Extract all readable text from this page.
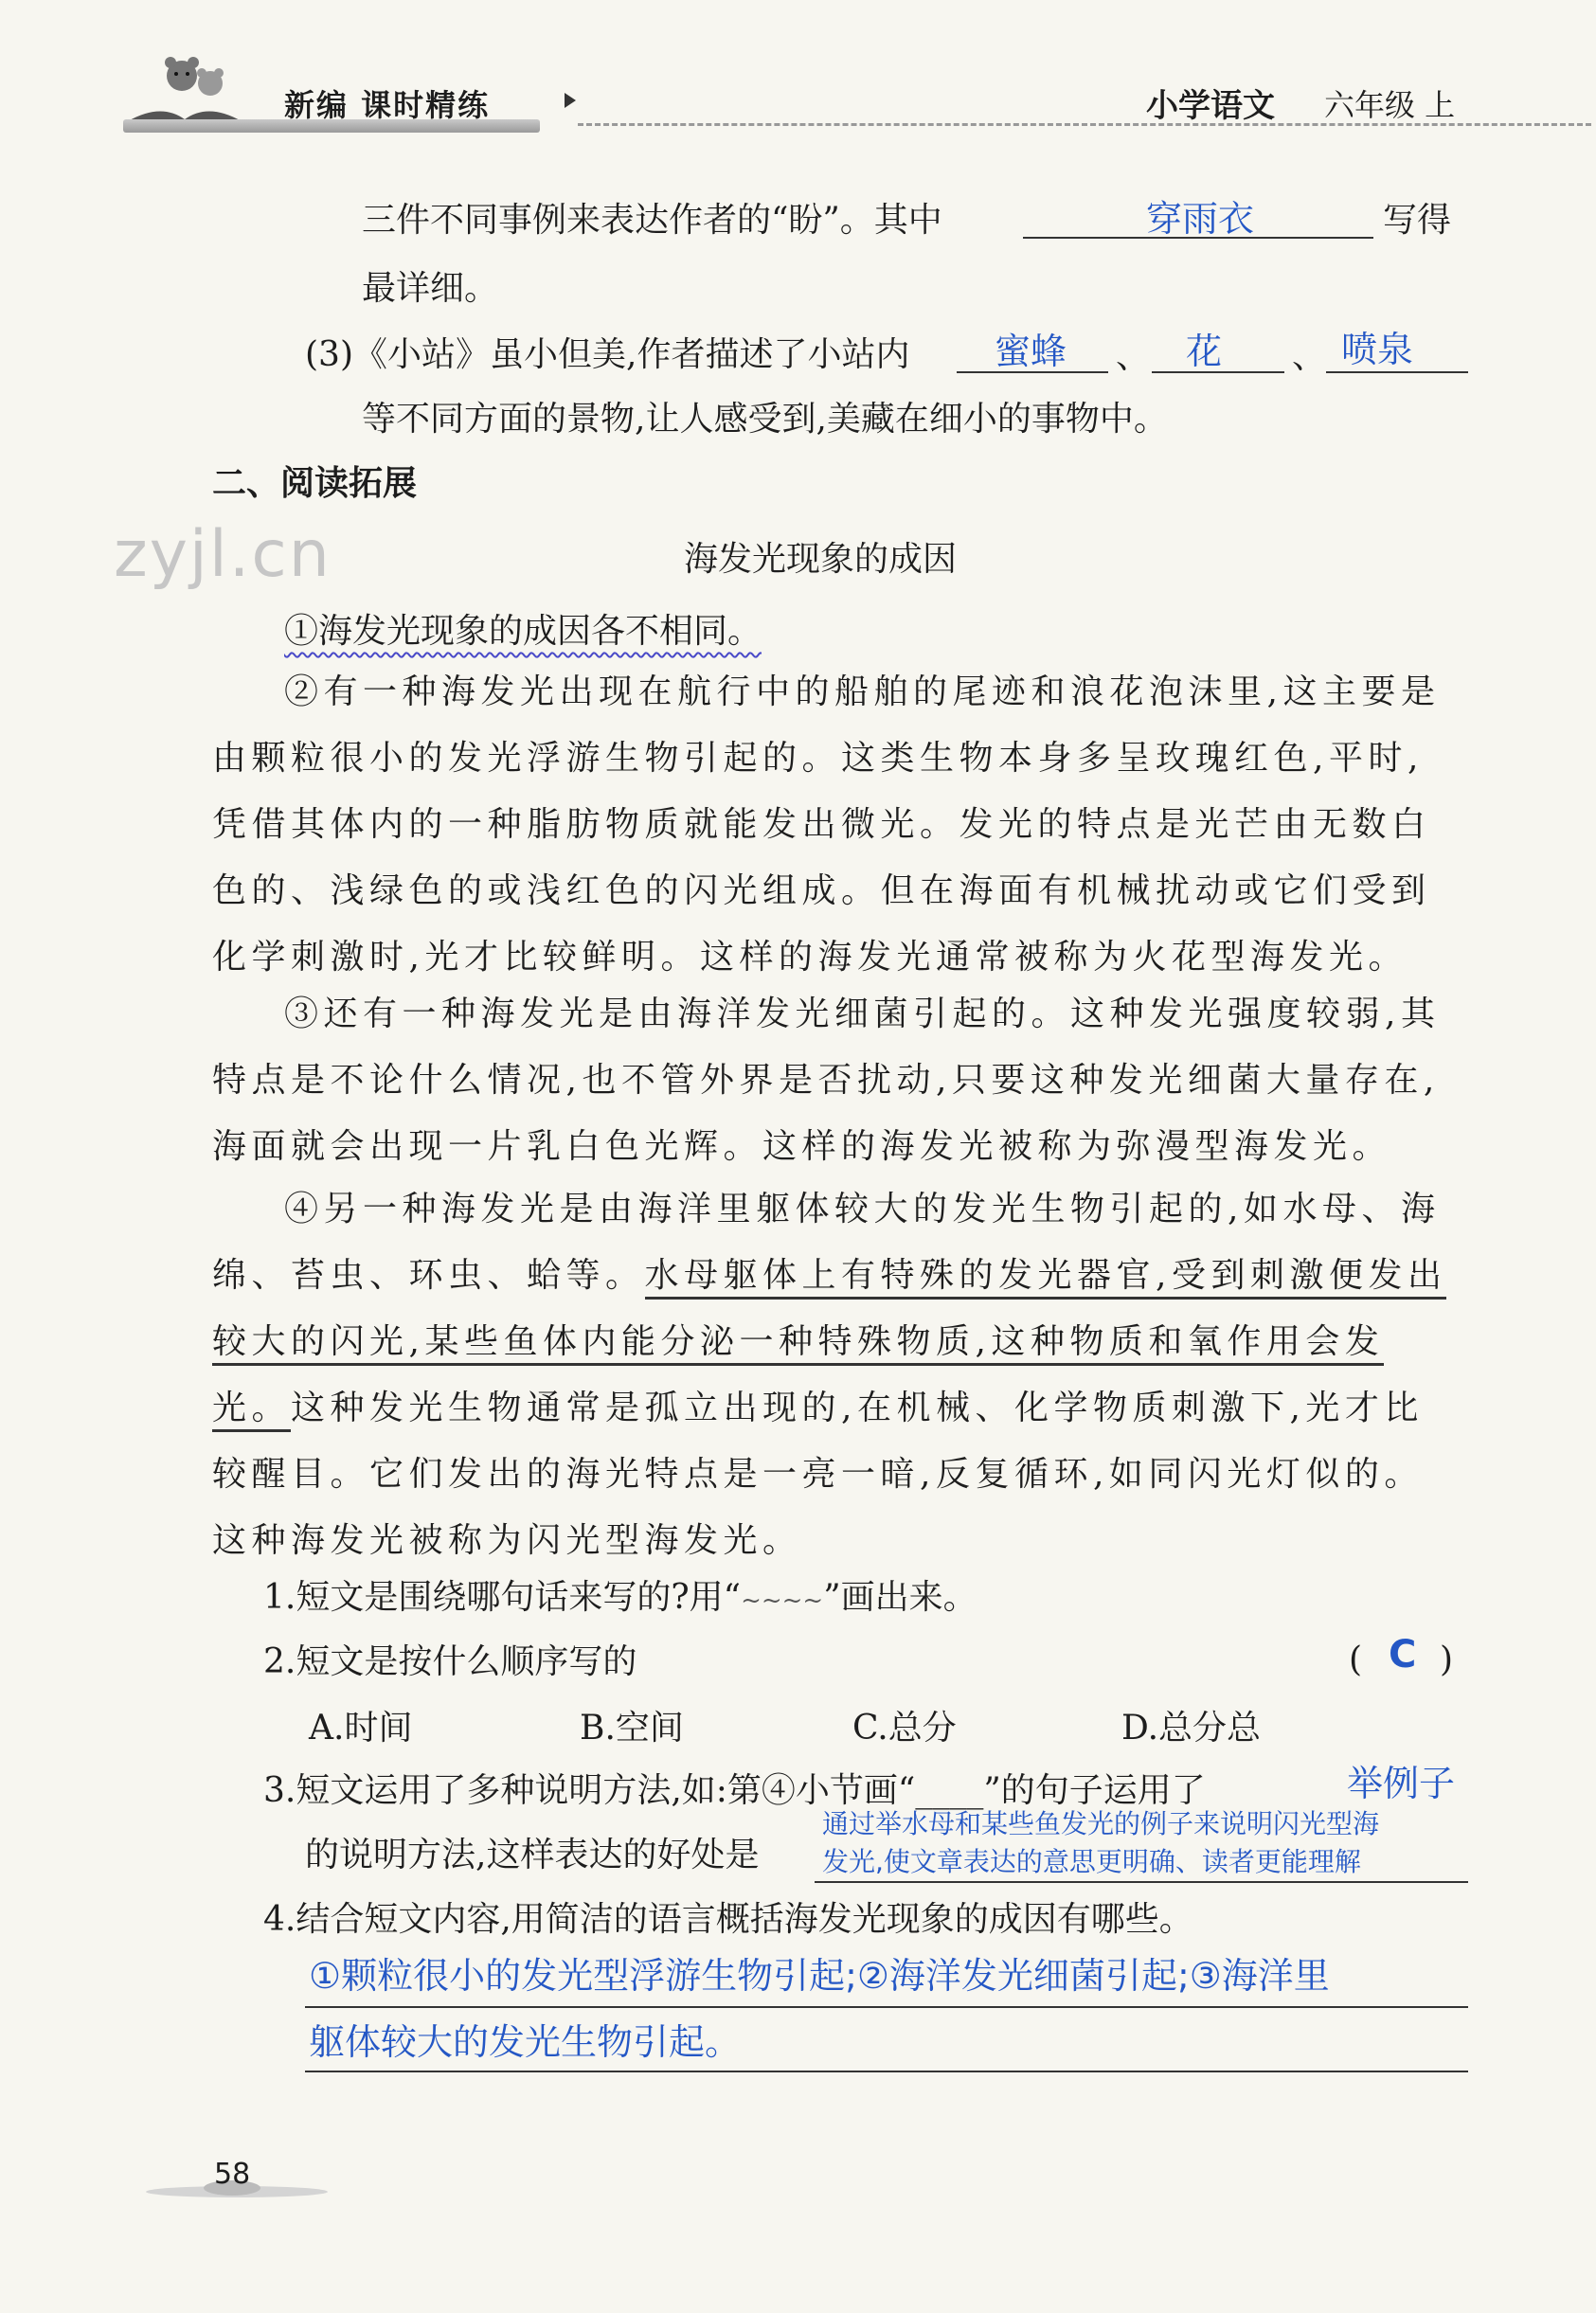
新编 课时精练	小学语文 六年级 上
三件不同事例来表达作者的“盼”。其中	穿雨衣	写得
最详细。
(3)《小站》虽小但美,作者描述了小站内 蜜蜂 、 花 、 喷泉
等不同方面的景物,让人感受到,美藏在细小的事物中。
二、阅读拓展
zyjl.cn	海发光现象的成因
①海发光现象的成因各不相同。
②有一种海发光出现在航行中的船舶的尾迹和浪花泡沫里,这主要是由颗粒很小的发光浮游生物引起的。这类生物本身多呈玫瑰红色,平时,凭借其体内的一种脂肪物质就能发出微光。发光的特点是光芒由无数白色的、浅绿色的或浅红色的闪光组成。但在海面有机械扰动或它们受到化学刺激时,光才比较鲜明。这样的海发光通常被称为火花型海发光。
③还有一种海发光是由海洋发光细菌引起的。这种发光强度较弱,其特点是不论什么情况,也不管外界是否扰动,只要这种发光细菌大量存在,海面就会出现一片乳白色光辉。这样的海发光被称为弥漫型海发光。
④另一种海发光是由海洋里躯体较大的发光生物引起的,如水母、海绵、苔虫、环虫、蛤等。水母躯体上有特殊的发光器官,受到刺激便发出较大的闪光,某些鱼体内能分泌一种特殊物质,这种物质和氧作用会发光。这种发光生物通常是孤立出现的,在机械、化学物质刺激下,光才比较醒目。它们发出的海光特点是一亮一暗,反复循环,如同闪光灯似的。这种海发光被称为闪光型海发光。
1.短文是围绕哪句话来写的?用“~~~~”画出来。
2.短文是按什么顺序写的	( C )
A.时间	B.空间	C.总分	D.总分总
3.短文运用了多种说明方法,如:第④小节画“____”的句子运用了	举例子
的说明方法,这样表达的好处是
通过举水母和某些鱼发光的例子来说明闪光型海
发光,使文章表达的意思更明确、读者更能理解
4.结合短文内容,用简洁的语言概括海发光现象的成因有哪些。
①颗粒很小的发光型浮游生物引起;②海洋发光细菌引起;③海洋里
躯体较大的发光生物引起。
58
